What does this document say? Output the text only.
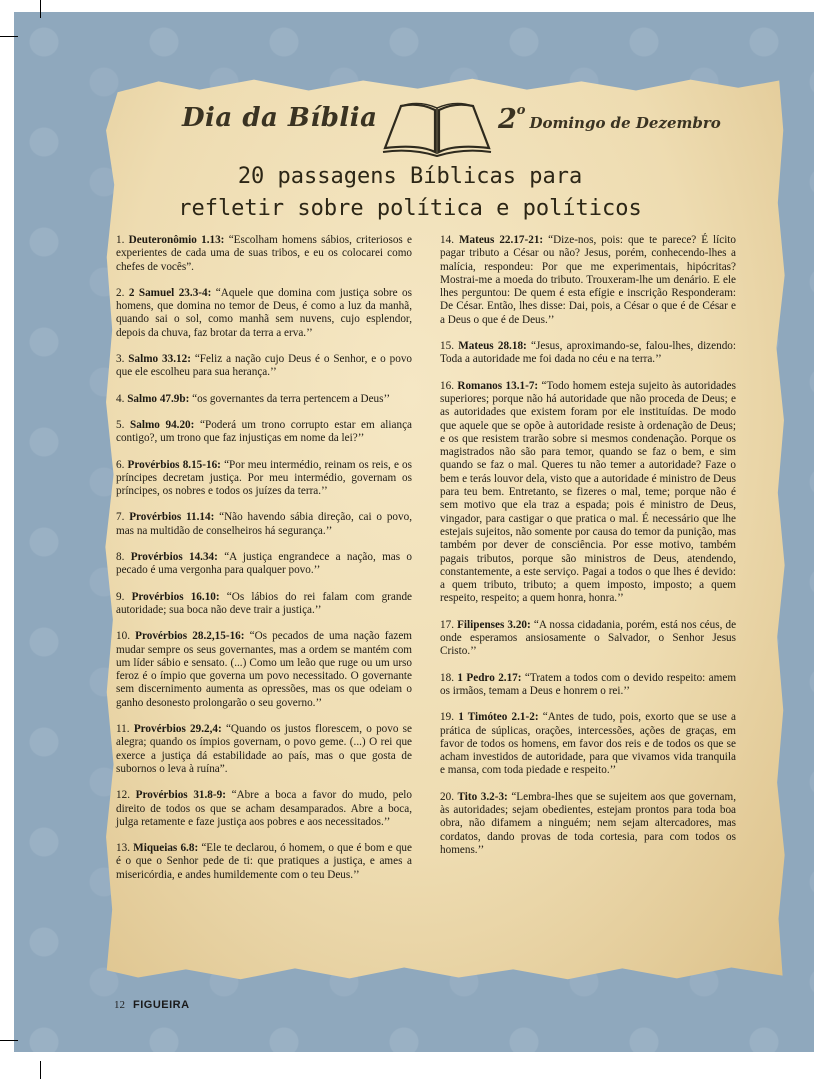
Dia da Bíblia	2$^o$Domingo de Dezembro
20 passagens Bíblicas para
refletir sobre política e políticos
1. Deuteronômio 1.13: “Escolham homens sábios, criteriosos e experientes de cada uma de suas tribos, e eu os colocarei como chefes de vocês”.
2. 2 Samuel 23.3-4: “Aquele que domina com justiça sobre os homens, que domina no temor de Deus, é como a luz da manhã, quando sai o sol, como manhã sem nuvens, cujo esplendor, depois da chuva, faz brotar da terra a erva.’’
3. Salmo 33.12: “Feliz a nação cujo Deus é o Senhor, e o povo que ele escolheu para sua herança.’’
4. Salmo 47.9b: “os governantes da terra pertencem a Deus’’
5. Salmo 94.20: “Poderá um trono corrupto estar em aliança contigo?, um trono que faz injustiças em nome da lei?’’
6. Provérbios 8.15-16: “Por meu intermédio, reinam os reis, e os príncipes decretam justiça. Por meu intermédio, governam os príncipes, os nobres e todos os juízes da terra.’’
7. Provérbios 11.14: “Não havendo sábia direção, cai o povo, mas na multidão de conselheiros há segurança.’’
8. Provérbios 14.34: “A justiça engrandece a nação, mas o pecado é uma vergonha para qualquer povo.’’
9. Provérbios 16.10: “Os lábios do rei falam com grande autoridade; sua boca não deve trair a justiça.’’
10. Provérbios 28.2,15-16: “Os pecados de uma nação fazem mudar sempre os seus governantes, mas a ordem se mantém com um líder sábio e sensato. (...) Como um leão que ruge ou um urso feroz é o ímpio que governa um povo necessitado. O governante sem discernimento aumenta as opressões, mas os que odeiam o ganho desonesto prolongarão o seu governo.’’
11. Provérbios 29.2,4: “Quando os justos florescem, o povo se alegra; quando os ímpios governam, o povo geme. (...) O rei que exerce a justiça dá estabilidade ao país, mas o que gosta de subornos o leva à ruína”.
12. Provérbios 31.8-9: “Abre a boca a favor do mudo, pelo direito de todos os que se acham desamparados. Abre a boca, julga retamente e faze justiça aos pobres e aos necessitados.’’
13. Miqueias 6.8: “Ele te declarou, ó homem, o que é bom e que é o que o Senhor pede de ti: que pratiques a justiça, e ames a misericórdia, e andes humildemente com o teu Deus.’’
14. Mateus 22.17-21: “Dize-nos, pois: que te parece? É lícito pagar tributo a César ou não? Jesus, porém, conhecendo-lhes a malícia, respondeu: Por que me experimentais, hipócritas? Mostrai-me a moeda do tributo. Trouxeram-lhe um denário. E ele lhes perguntou: De quem é esta efígie e inscrição Responderam: De César. Então, lhes disse: Dai, pois, a César o que é de César e a Deus o que é de Deus.’’
15. Mateus 28.18: “Jesus, aproximando-se, falou-lhes, dizendo: Toda a autoridade me foi dada no céu e na terra.’’
16. Romanos 13.1-7: “Todo homem esteja sujeito às autoridades superiores; porque não há autoridade que não proceda de Deus; e as autoridades que existem foram por ele instituídas. De modo que aquele que se opõe à autoridade resiste à ordenação de Deus; e os que resistem trarão sobre si mesmos condenação. Porque os magistrados não são para temor, quando se faz o bem, e sim quando se faz o mal. Queres tu não temer a autoridade? Faze o bem e terás louvor dela, visto que a autoridade é ministro de Deus para teu bem. Entretanto, se fizeres o mal, teme; porque não é sem motivo que ela traz a espada; pois é ministro de Deus, vingador, para castigar o que pratica o mal. É necessário que lhe estejais sujeitos, não somente por causa do temor da punição, mas também por dever de consciência. Por esse motivo, também pagais tributos, porque são ministros de Deus, atendendo, constantemente, a este serviço. Pagai a todos o que lhes é devido: a quem tributo, tributo; a quem imposto, imposto; a quem respeito, respeito; a quem honra, honra.’’
17. Filipenses 3.20: “A nossa cidadania, porém, está nos céus, de onde esperamos ansiosamente o Salvador, o Senhor Jesus Cristo.’’
18. 1 Pedro 2.17: “Tratem a todos com o devido respeito: amem os irmãos, temam a Deus e honrem o rei.’’
19. 1 Timóteo 2.1-2: “Antes de tudo, pois, exorto que se use a prática de súplicas, orações, intercessões, ações de graças, em favor de todos os homens, em favor dos reis e de todos os que se acham investidos de autoridade, para que vivamos vida tranquila e mansa, com toda piedade e respeito.’’
20. Tito 3.2-3: “Lembra-lhes que se sujeitem aos que governam, às autoridades; sejam obedientes, estejam prontos para toda boa obra, não difamem a ninguém; nem sejam altercadores, mas cordatos, dando provas de toda cortesia, para com todos os homens.’’
12 FIGUEIRA
